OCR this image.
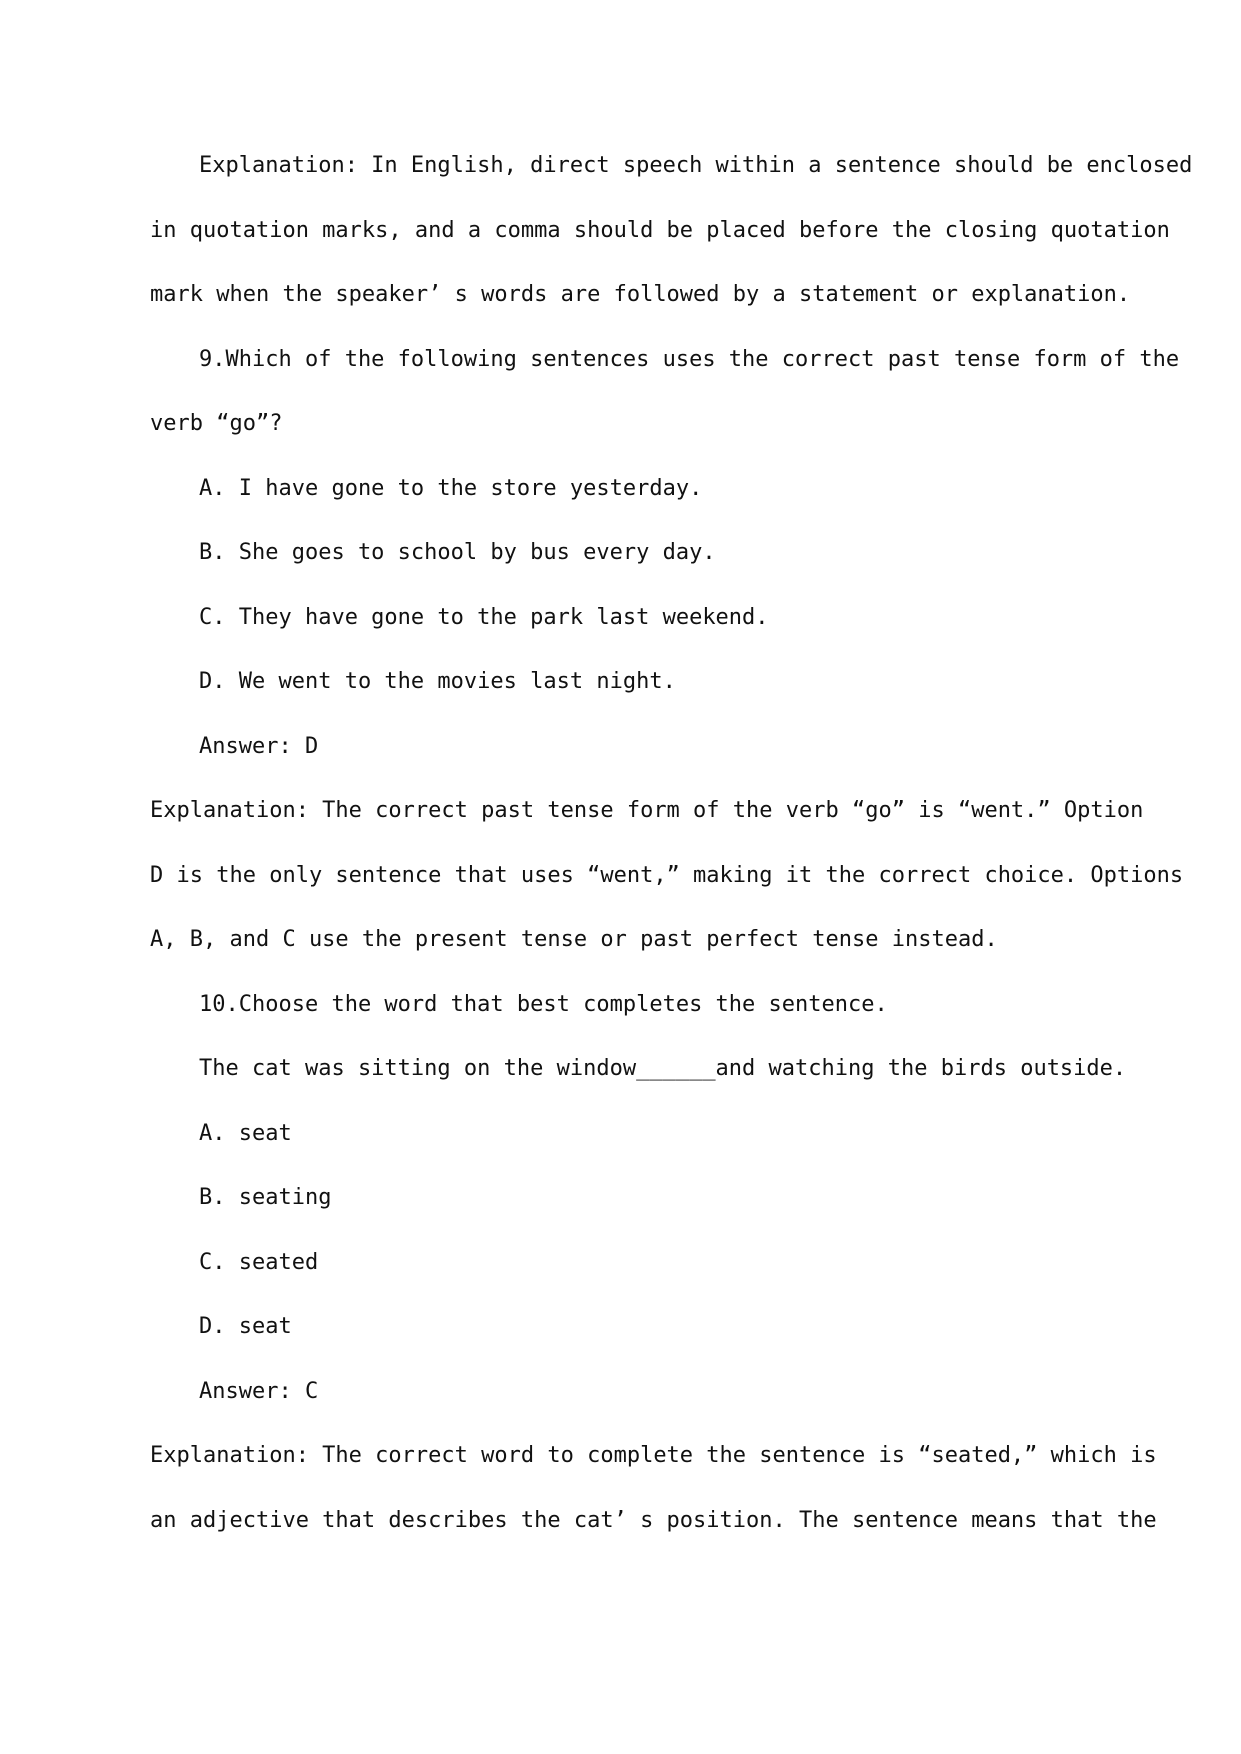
Explanation: In English, direct speech within a sentence should be enclosed
in quotation marks, and a comma should be placed before the closing quotation
mark when the speaker’ s words are followed by a statement or explanation.
9.Which of the following sentences uses the correct past tense form of the
verb “go”?
A. I have gone to the store yesterday.
B. She goes to school by bus every day.
C. They have gone to the park last weekend.
D. We went to the movies last night.
Answer: D
Explanation: The correct past tense form of the verb “go” is “went.” Option
D is the only sentence that uses “went,” making it the correct choice. Options
A, B, and C use the present tense or past perfect tense instead.
10.Choose the word that best completes the sentence.
The cat was sitting on the window______and watching the birds outside.
A. seat
B. seating
C. seated
D. seat
Answer: C
Explanation: The correct word to complete the sentence is “seated,” which is
an adjective that describes the cat’ s position. The sentence means that the
